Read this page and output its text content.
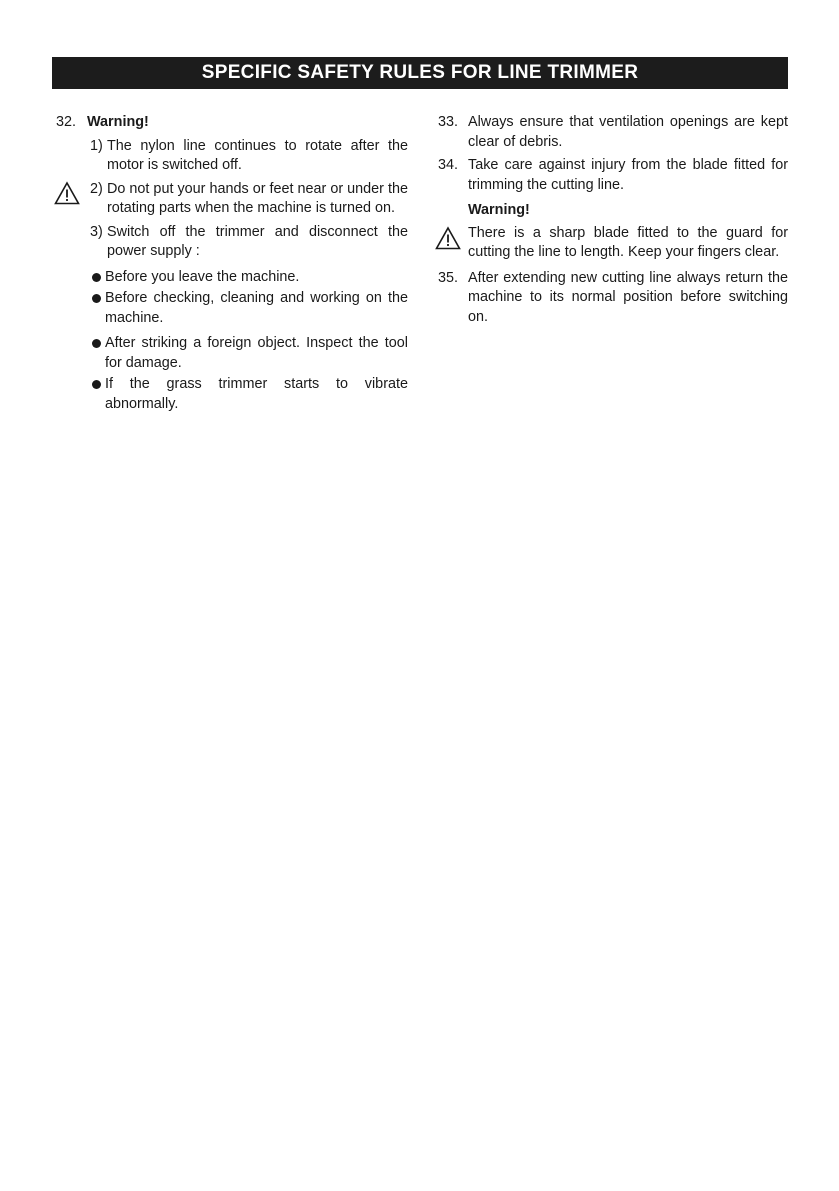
SPECIFIC SAFETY RULES FOR LINE TRIMMER
32. Warning!
1) The nylon line continues to rotate after the motor is switched off.
2) Do not put your hands or feet near or under the rotating parts when the machine is turned on.
3) Switch off the trimmer and disconnect the power supply :
Before you leave the machine.
Before checking, cleaning and working on the machine.
After striking a foreign object. Inspect the tool for damage.
If the grass trimmer starts to vibrate abnormally.
33. Always ensure that ventilation openings are kept clear of debris.
34. Take care against injury from the blade fitted for trimming the cutting line.
Warning!
There is a sharp blade fitted to the guard for cutting the line to length. Keep your fingers clear.
35. After extending new cutting line always return the machine to its normal position before switching on.
